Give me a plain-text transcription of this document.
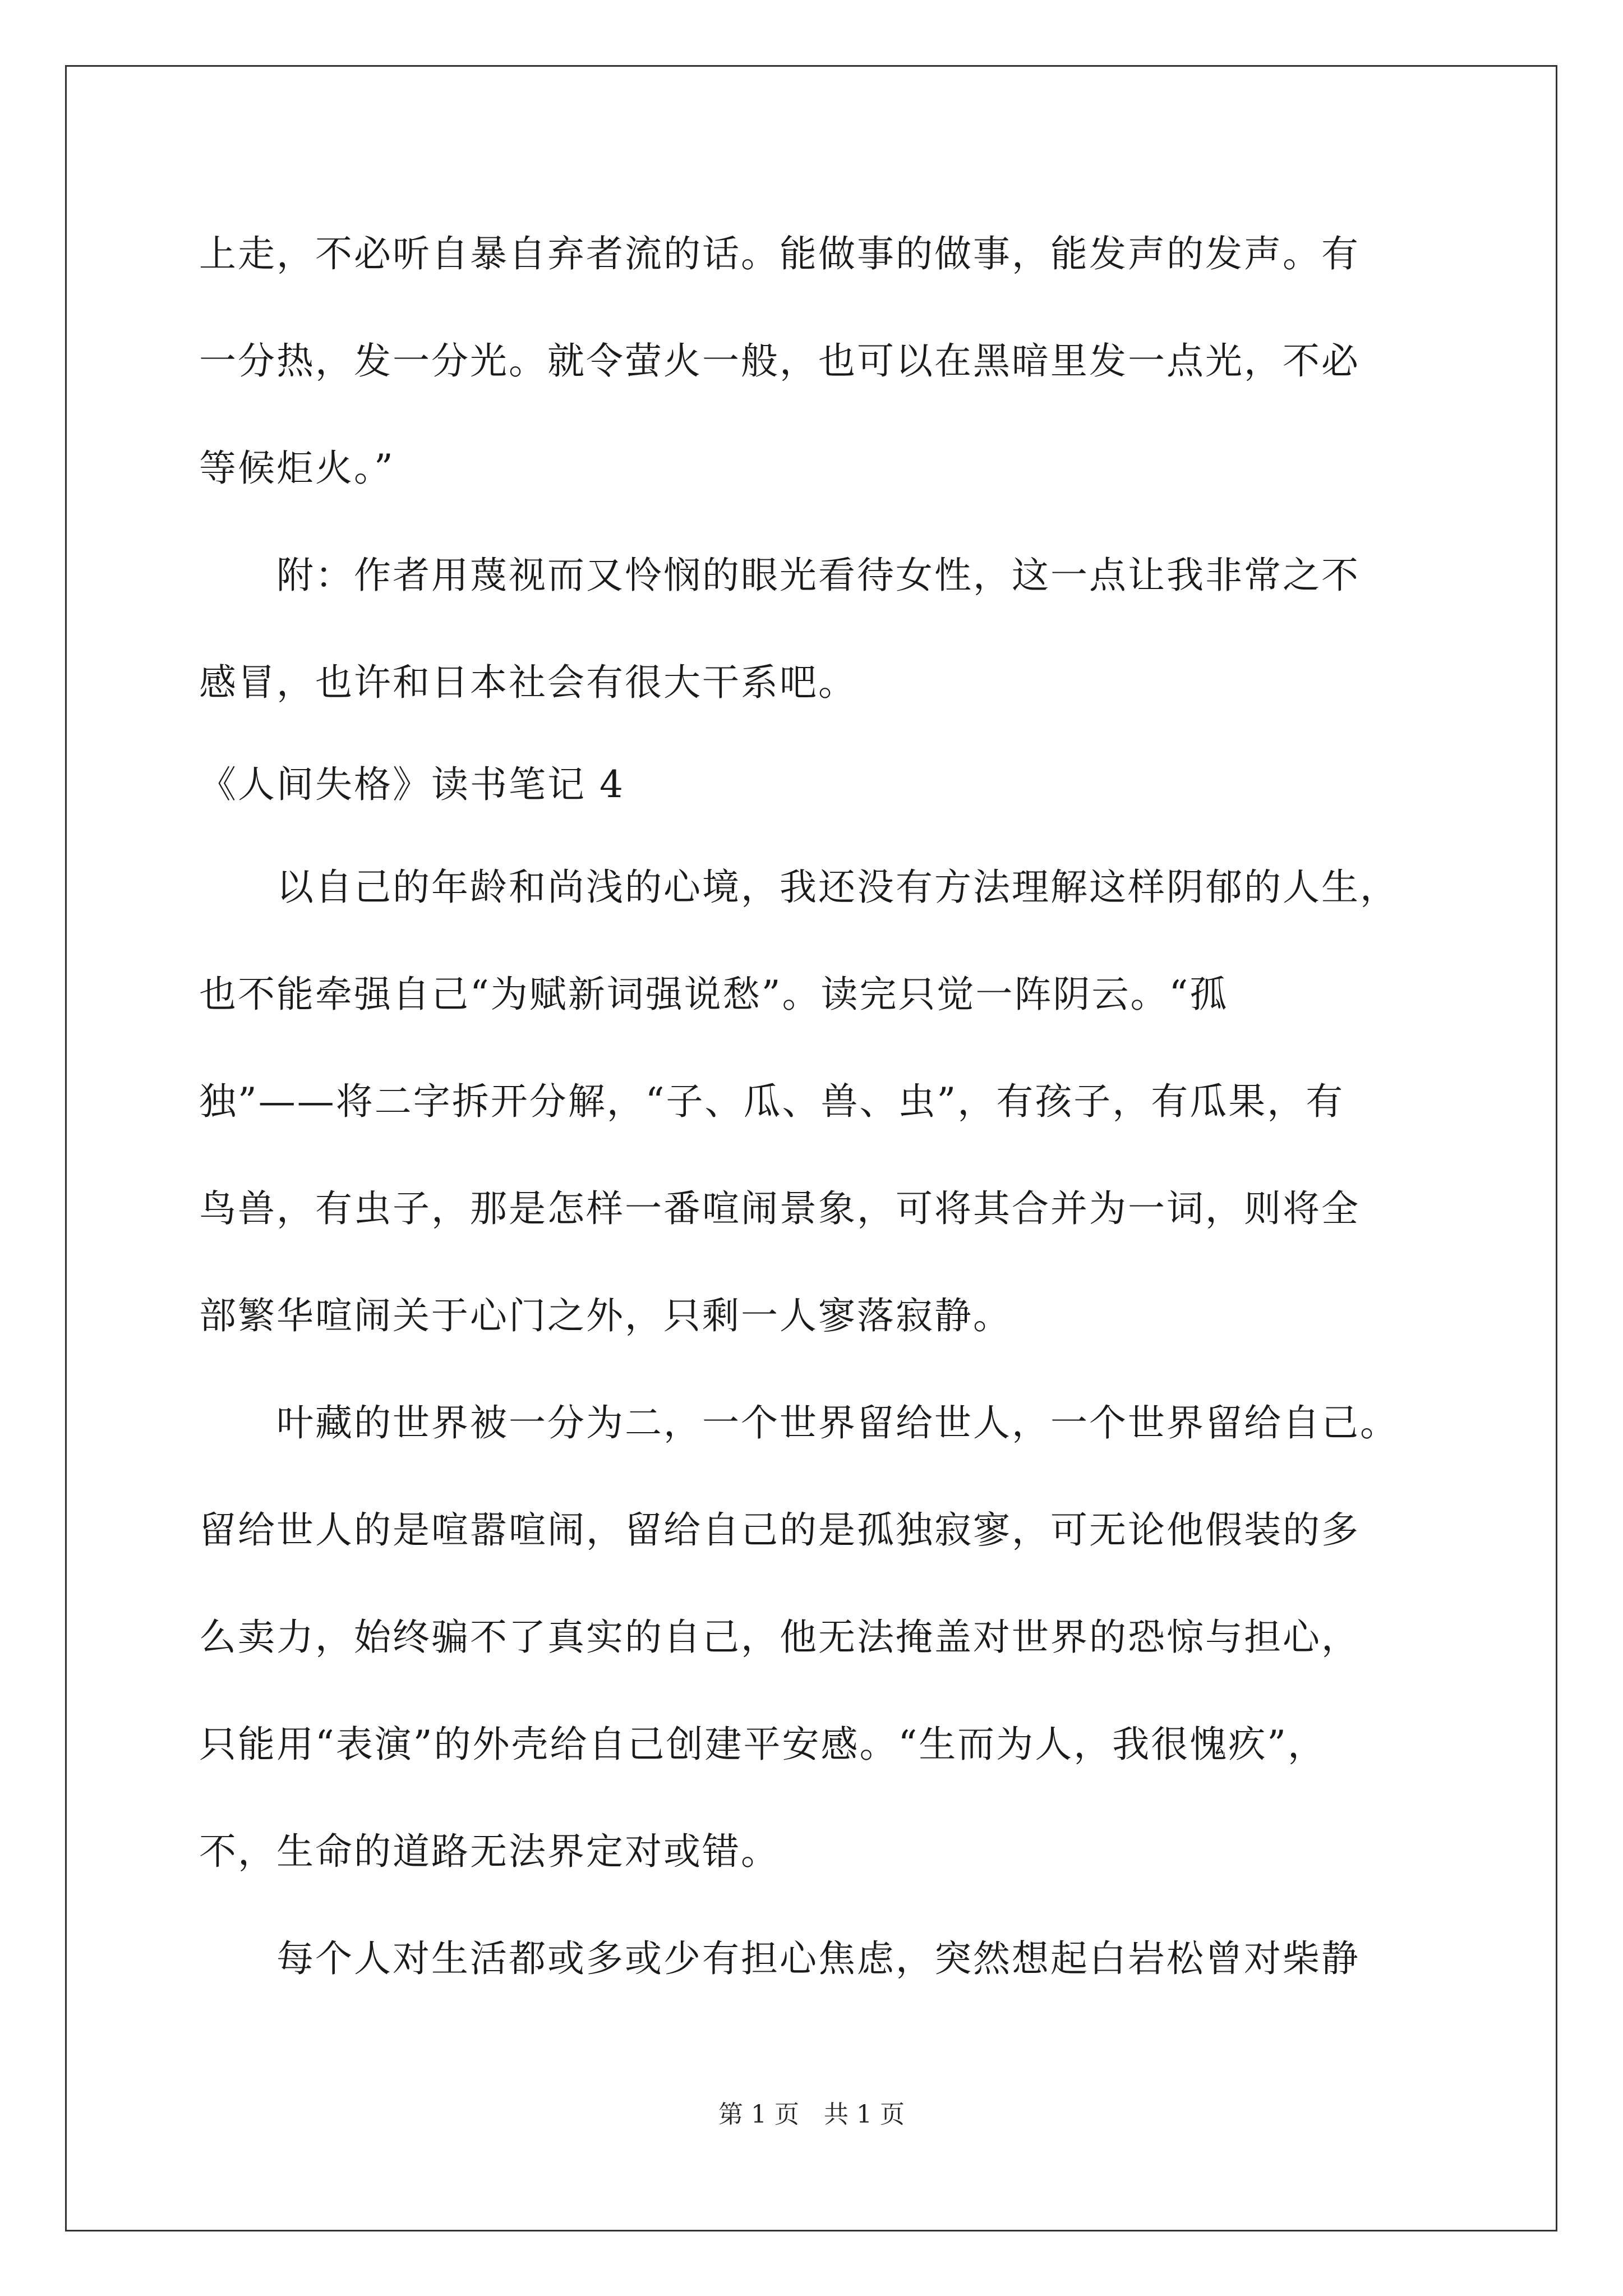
上走，不必听自暴自弃者流的话。能做事的做事，能发声的发声。有
一分热，发一分光。就令萤火一般，也可以在黑暗里发一点光，不必
等候炬火。”
　　附：作者用蔑视而又怜悯的眼光看待女性，这一点让我非常之不
感冒，也许和日本社会有很大干系吧。
《人间失格》读书笔记 4
　　以自己的年龄和尚浅的心境，我还没有方法理解这样阴郁的人生，
也不能牵强自己“为赋新词强说愁”。读完只觉一阵阴云。“孤
独”——将二字拆开分解，“子、瓜、兽、虫”，有孩子，有瓜果，有
鸟兽，有虫子，那是怎样一番喧闹景象，可将其合并为一词，则将全
部繁华喧闹关于心门之外，只剩一人寥落寂静。
　　叶藏的世界被一分为二，一个世界留给世人，一个世界留给自己。
留给世人的是喧嚣喧闹，留给自己的是孤独寂寥，可无论他假装的多
么卖力，始终骗不了真实的自己，他无法掩盖对世界的恐惊与担心，
只能用“表演”的外壳给自己创建平安感。“生而为人，我很愧疚”，
不，生命的道路无法界定对或错。
　　每个人对生活都或多或少有担心焦虑，突然想起白岩松曾对柴静
第 1 页　共 1 页
